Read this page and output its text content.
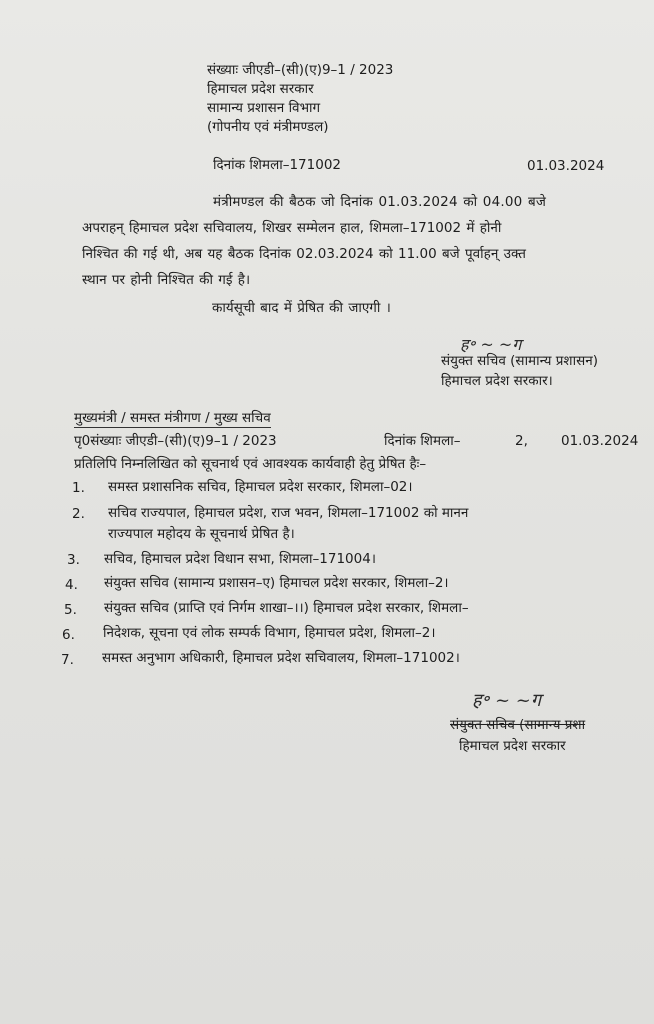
संख्याः जीएडी–(सी)(ए)9–1 / 2023
हिमाचल प्रदेश सरकार
सामान्य प्रशासन विभाग
(गोपनीय एवं मंत्रीमण्डल)
दिनांक शिमला–171002	01.03.2024
मंत्रीमण्डल की बैठक जो दिनांक 01.03.2024 को 04.00 बजे
अपराहन् हिमाचल प्रदेश सचिवालय, शिखर सम्मेलन हाल, शिमला–171002 में होनी
निश्चित की गई थी, अब यह बैठक दिनांक 02.03.2024 को 11.00 बजे पूर्वाहन् उक्त
स्थान पर होनी निश्चित की गई है।
कार्यसूची बाद में प्रेषित की जाएगी ।
ह॰ ~ ~ग
संयुक्त सचिव (सामान्य प्रशासन)
हिमाचल प्रदेश सरकार।
मुख्यमंत्री / समस्त मंत्रीगण / मुख्य सचिव
पृ0संख्याः जीएडी–(सी)(ए)9–1 / 2023	दिनांक शिमला–	2, 01.03.2024
प्रतिलिपि निम्नलिखित को सूचनार्थ एवं आवश्यक कार्यवाही हेतु प्रेषित हैः–
1. समस्त प्रशासनिक सचिव, हिमाचल प्रदेश सरकार, शिमला–02।
2. सचिव राज्यपाल, हिमाचल प्रदेश, राज भवन, शिमला–171002 को मानन
राज्यपाल महोदय के सूचनार्थ प्रेषित है।
3. सचिव, हिमाचल प्रदेश विधान सभा, शिमला–171004।
4. संयुक्त सचिव (सामान्य प्रशासन–ए) हिमाचल प्रदेश सरकार, शिमला–2।
5. संयुक्त सचिव (प्राप्ति एवं निर्गम शाखा–।।) हिमाचल प्रदेश सरकार, शिमला–
6. निदेशक, सूचना एवं लोक सम्पर्क विभाग, हिमाचल प्रदेश, शिमला–2।
7. समस्त अनुभाग अधिकारी, हिमाचल प्रदेश सचिवालय, शिमला–171002।
ह॰ ~ ~ग
संयुक्त सचिव (सामान्य प्रशा
हिमाचल प्रदेश सरकार
